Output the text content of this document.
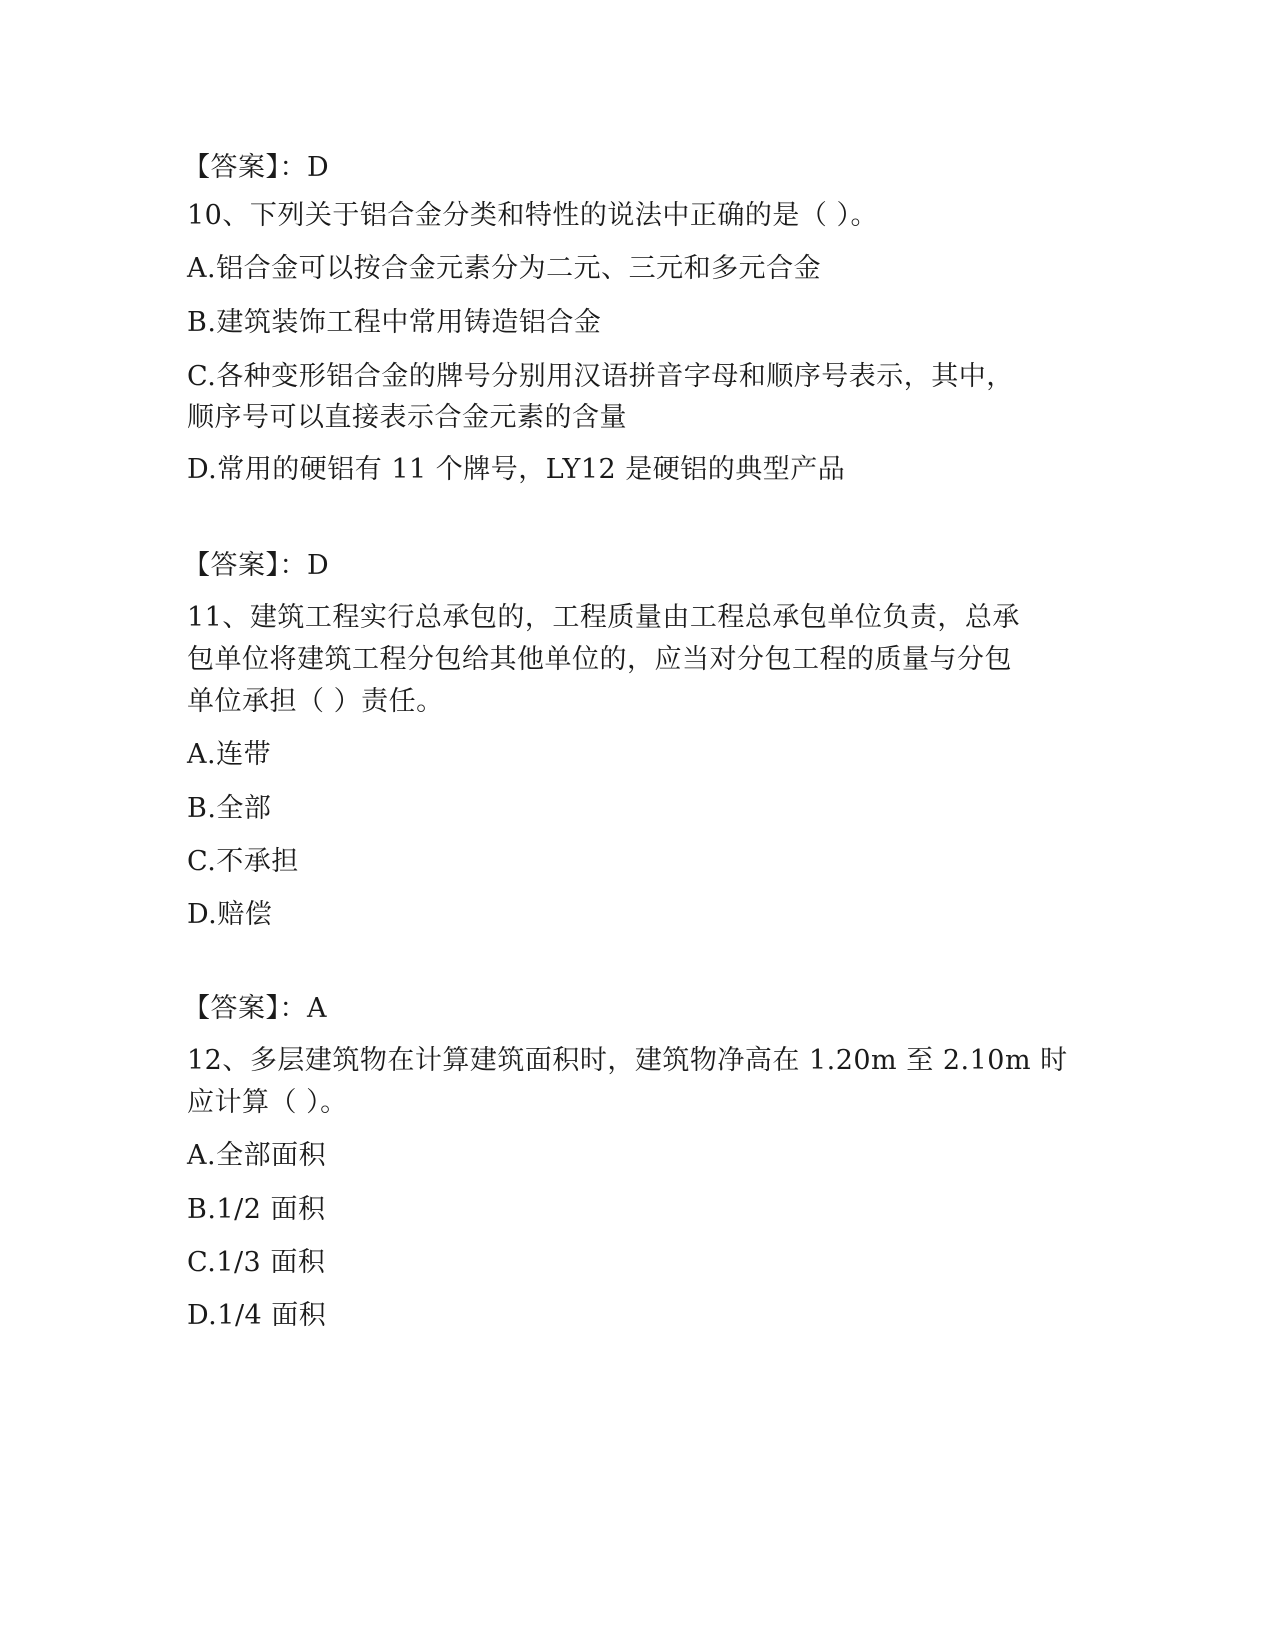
【答案】：D
10、下列关于铝合金分类和特性的说法中正确的是（ ）。
A.铝合金可以按合金元素分为二元、三元和多元合金
B.建筑装饰工程中常用铸造铝合金
C.各种变形铝合金的牌号分别用汉语拼音字母和顺序号表示，其中，
顺序号可以直接表示合金元素的含量
D.常用的硬铝有 11 个牌号，LY12 是硬铝的典型产品
【答案】：D
11、建筑工程实行总承包的，工程质量由工程总承包单位负责，总承
包单位将建筑工程分包给其他单位的，应当对分包工程的质量与分包
单位承担（ ）责任。
A.连带
B.全部
C.不承担
D.赔偿
【答案】：A
12、多层建筑物在计算建筑面积时，建筑物净高在 1.20m 至 2.10m 时
应计算（ ）。
A.全部面积
B.1/2 面积
C.1/3 面积
D.1/4 面积
